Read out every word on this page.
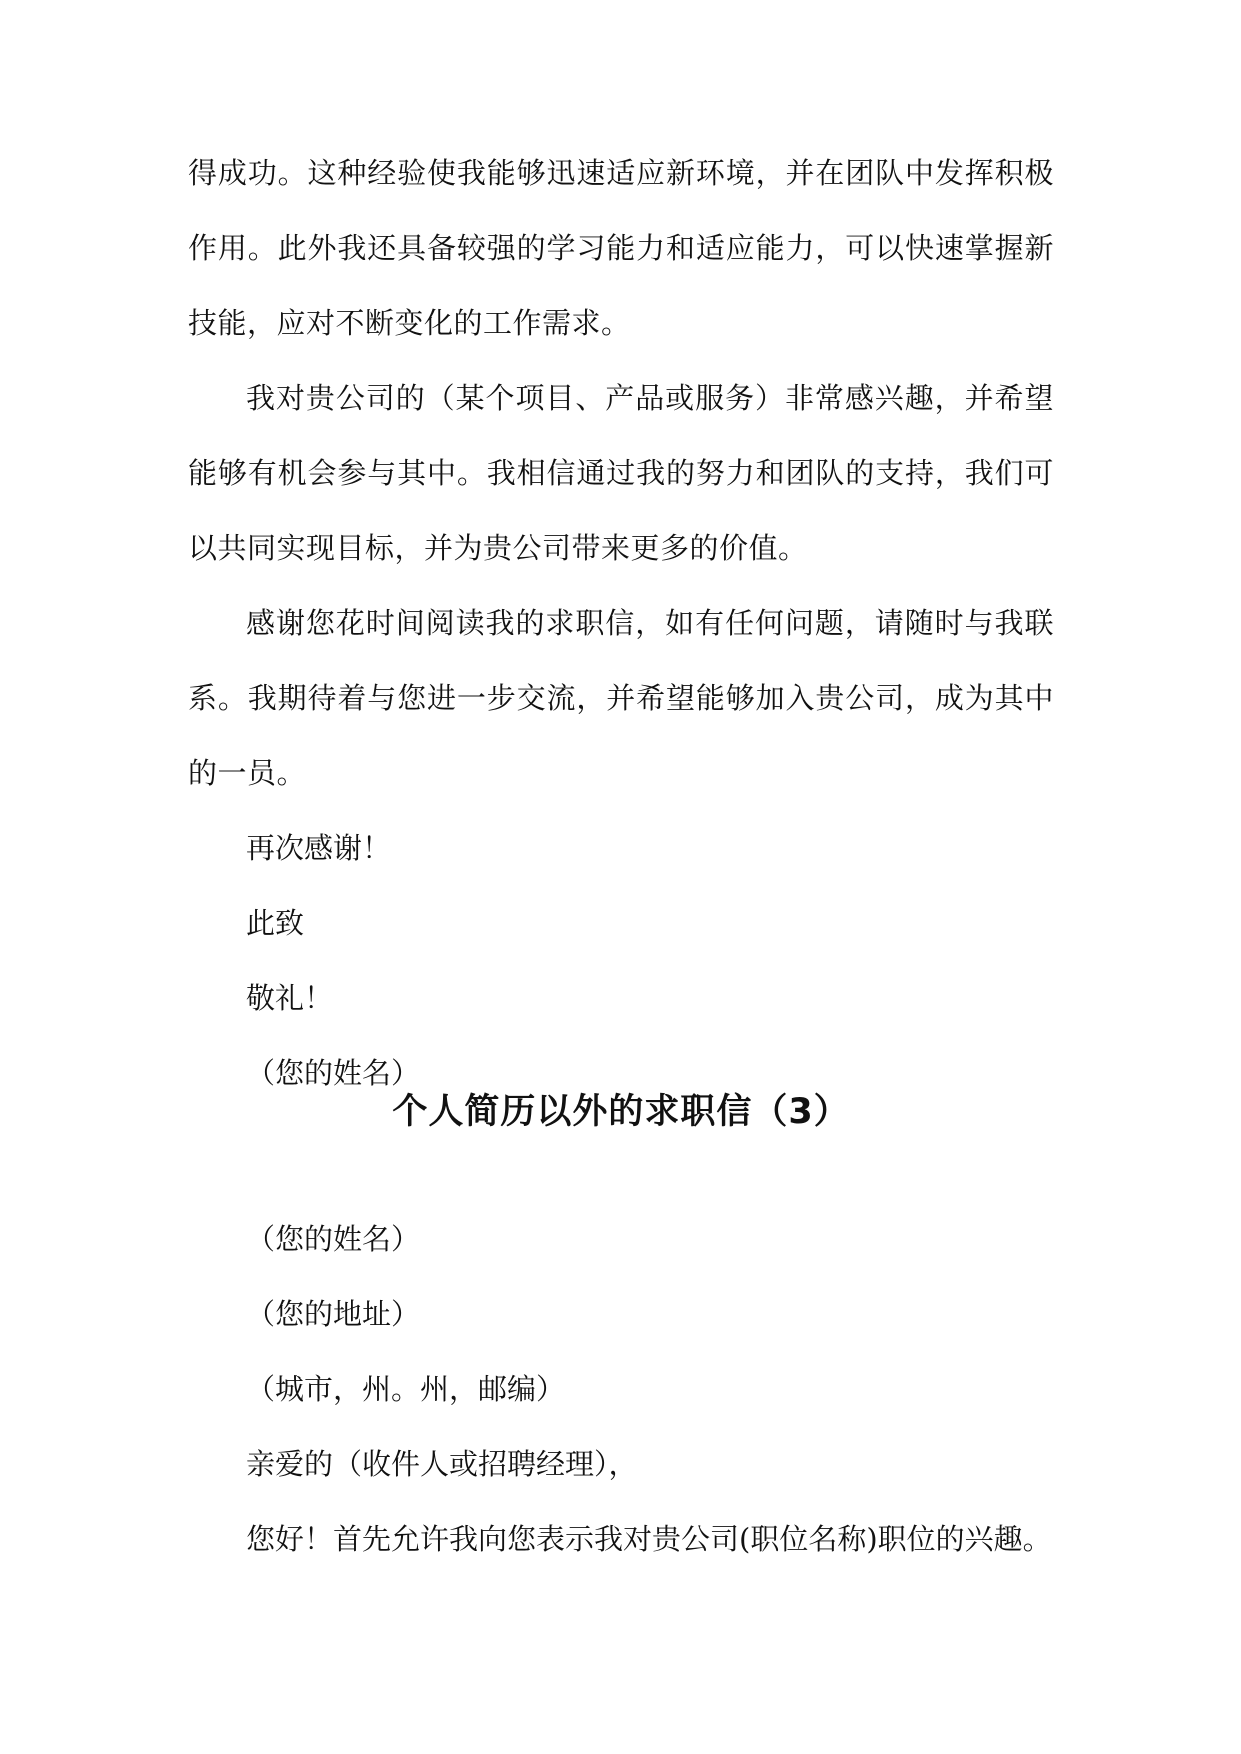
得成功。这种经验使我能够迅速适应新环境，并在团队中发挥积极作用。此外我还具备较强的学习能力和适应能力，可以快速掌握新技能，应对不断变化的工作需求。

我对贵公司的（某个项目、产品或服务）非常感兴趣，并希望能够有机会参与其中。我相信通过我的努力和团队的支持，我们可以共同实现目标，并为贵公司带来更多的价值。

感谢您花时间阅读我的求职信，如有任何问题，请随时与我联系。我期待着与您进一步交流，并希望能够加入贵公司，成为其中的一员。

再次感谢！

此致

敬礼！

（您的姓名）

个人简历以外的求职信（3）

（您的姓名）

（您的地址）

（城市，州。州，邮编）

亲爱的（收件人或招聘经理），

您好！首先允许我向您表示我对贵公司(职位名称)职位的兴趣。
